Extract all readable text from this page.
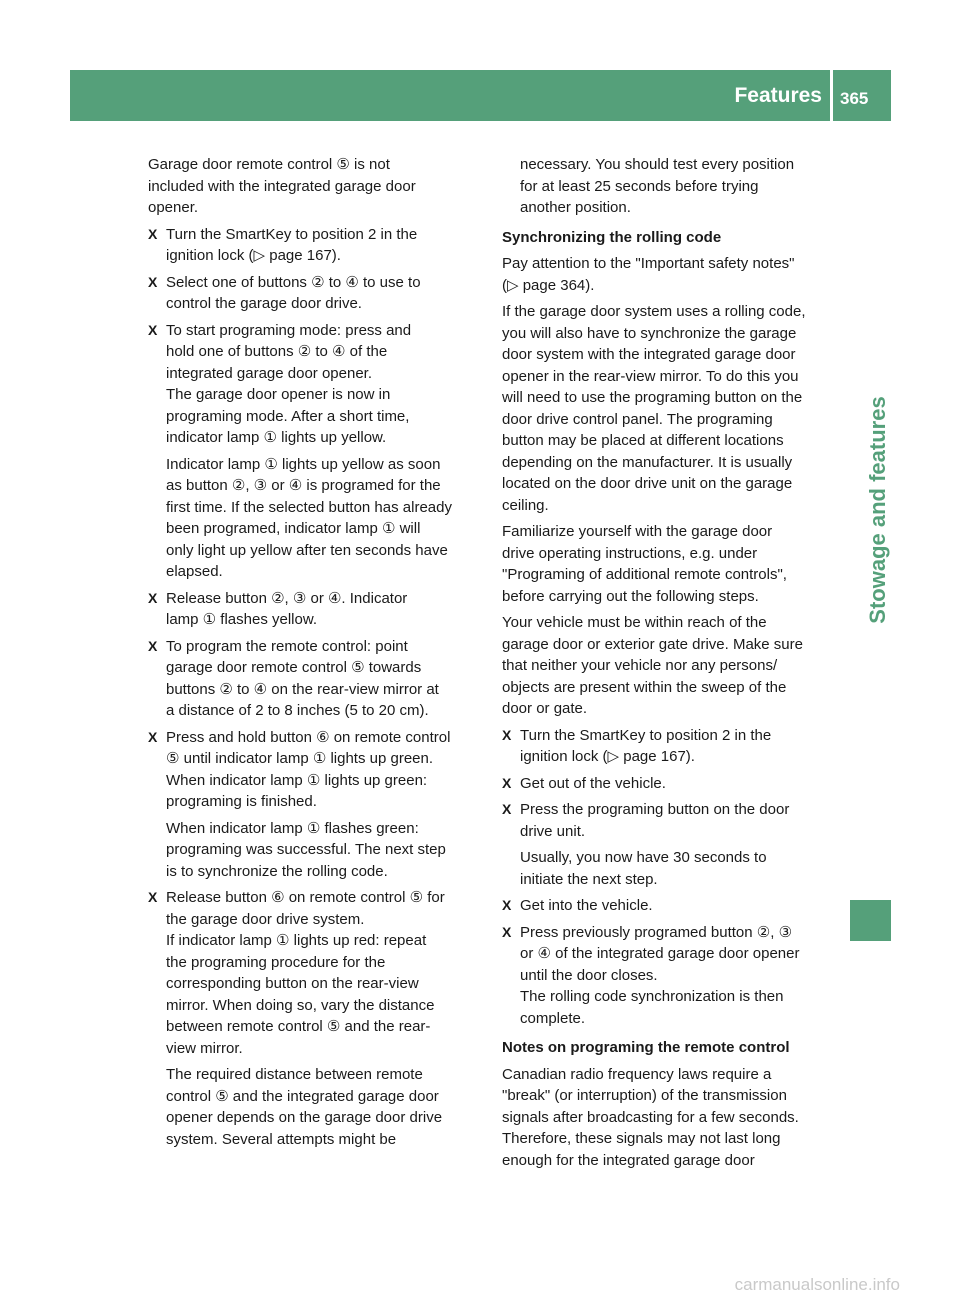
Features 365
Stowage and features

Garage door remote control ⑤ is not
included with the integrated garage door
opener.

X Turn the SmartKey to position 2 in the
ignition lock (▷ page 167).

X Select one of buttons ② to ④ to use to
control the garage door drive.

X To start programing mode: press and
hold one of buttons ② to ④ of the
integrated garage door opener.
The garage door opener is now in
programing mode. After a short time,
indicator lamp ① lights up yellow.

Indicator lamp ① lights up yellow as soon
as button ②, ③ or ④ is programed for the
first time. If the selected button has already
been programed, indicator lamp ① will
only light up yellow after ten seconds have
elapsed.

X Release button ②, ③ or ④. Indicator
lamp ① flashes yellow.

X To program the remote control: point
garage door remote control ⑤ towards
buttons ② to ④ on the rear-view mirror at
a distance of 2 to 8 inches (5 to 20 cm).

X Press and hold button ⑥ on remote control
⑤ until indicator lamp ① lights up green.
When indicator lamp ① lights up green:
programing is finished.

When indicator lamp ① flashes green:
programing was successful. The next step
is to synchronize the rolling code.

X Release button ⑥ on remote control ⑤ for
the garage door drive system.
If indicator lamp ① lights up red: repeat
the programing procedure for the
corresponding button on the rear-view
mirror. When doing so, vary the distance
between remote control ⑤ and the rear-
view mirror.

The required distance between remote
control ⑤ and the integrated garage door
opener depends on the garage door drive
system. Several attempts might be

necessary. You should test every position
for at least 25 seconds before trying
another position.

Synchronizing the rolling code

Pay attention to the "Important safety notes"
(▷ page 364).

If the garage door system uses a rolling code,
you will also have to synchronize the garage
door system with the integrated garage door
opener in the rear-view mirror. To do this you
will need to use the programing button on the
door drive control panel. The programing
button may be placed at different locations
depending on the manufacturer. It is usually
located on the door drive unit on the garage
ceiling.

Familiarize yourself with the garage door
drive operating instructions, e.g. under
"Programing of additional remote controls",
before carrying out the following steps.

Your vehicle must be within reach of the
garage door or exterior gate drive. Make sure
that neither your vehicle nor any persons/
objects are present within the sweep of the
door or gate.

X Turn the SmartKey to position 2 in the
ignition lock (▷ page 167).

X Get out of the vehicle.

X Press the programing button on the door
drive unit.

Usually, you now have 30 seconds to
initiate the next step.

X Get into the vehicle.

X Press previously programed button ②, ③
or ④ of the integrated garage door opener
until the door closes.
The rolling code synchronization is then
complete.

Notes on programing the remote control

Canadian radio frequency laws require a
"break" (or interruption) of the transmission
signals after broadcasting for a few seconds.
Therefore, these signals may not last long
enough for the integrated garage door

carmanualsonline.info
